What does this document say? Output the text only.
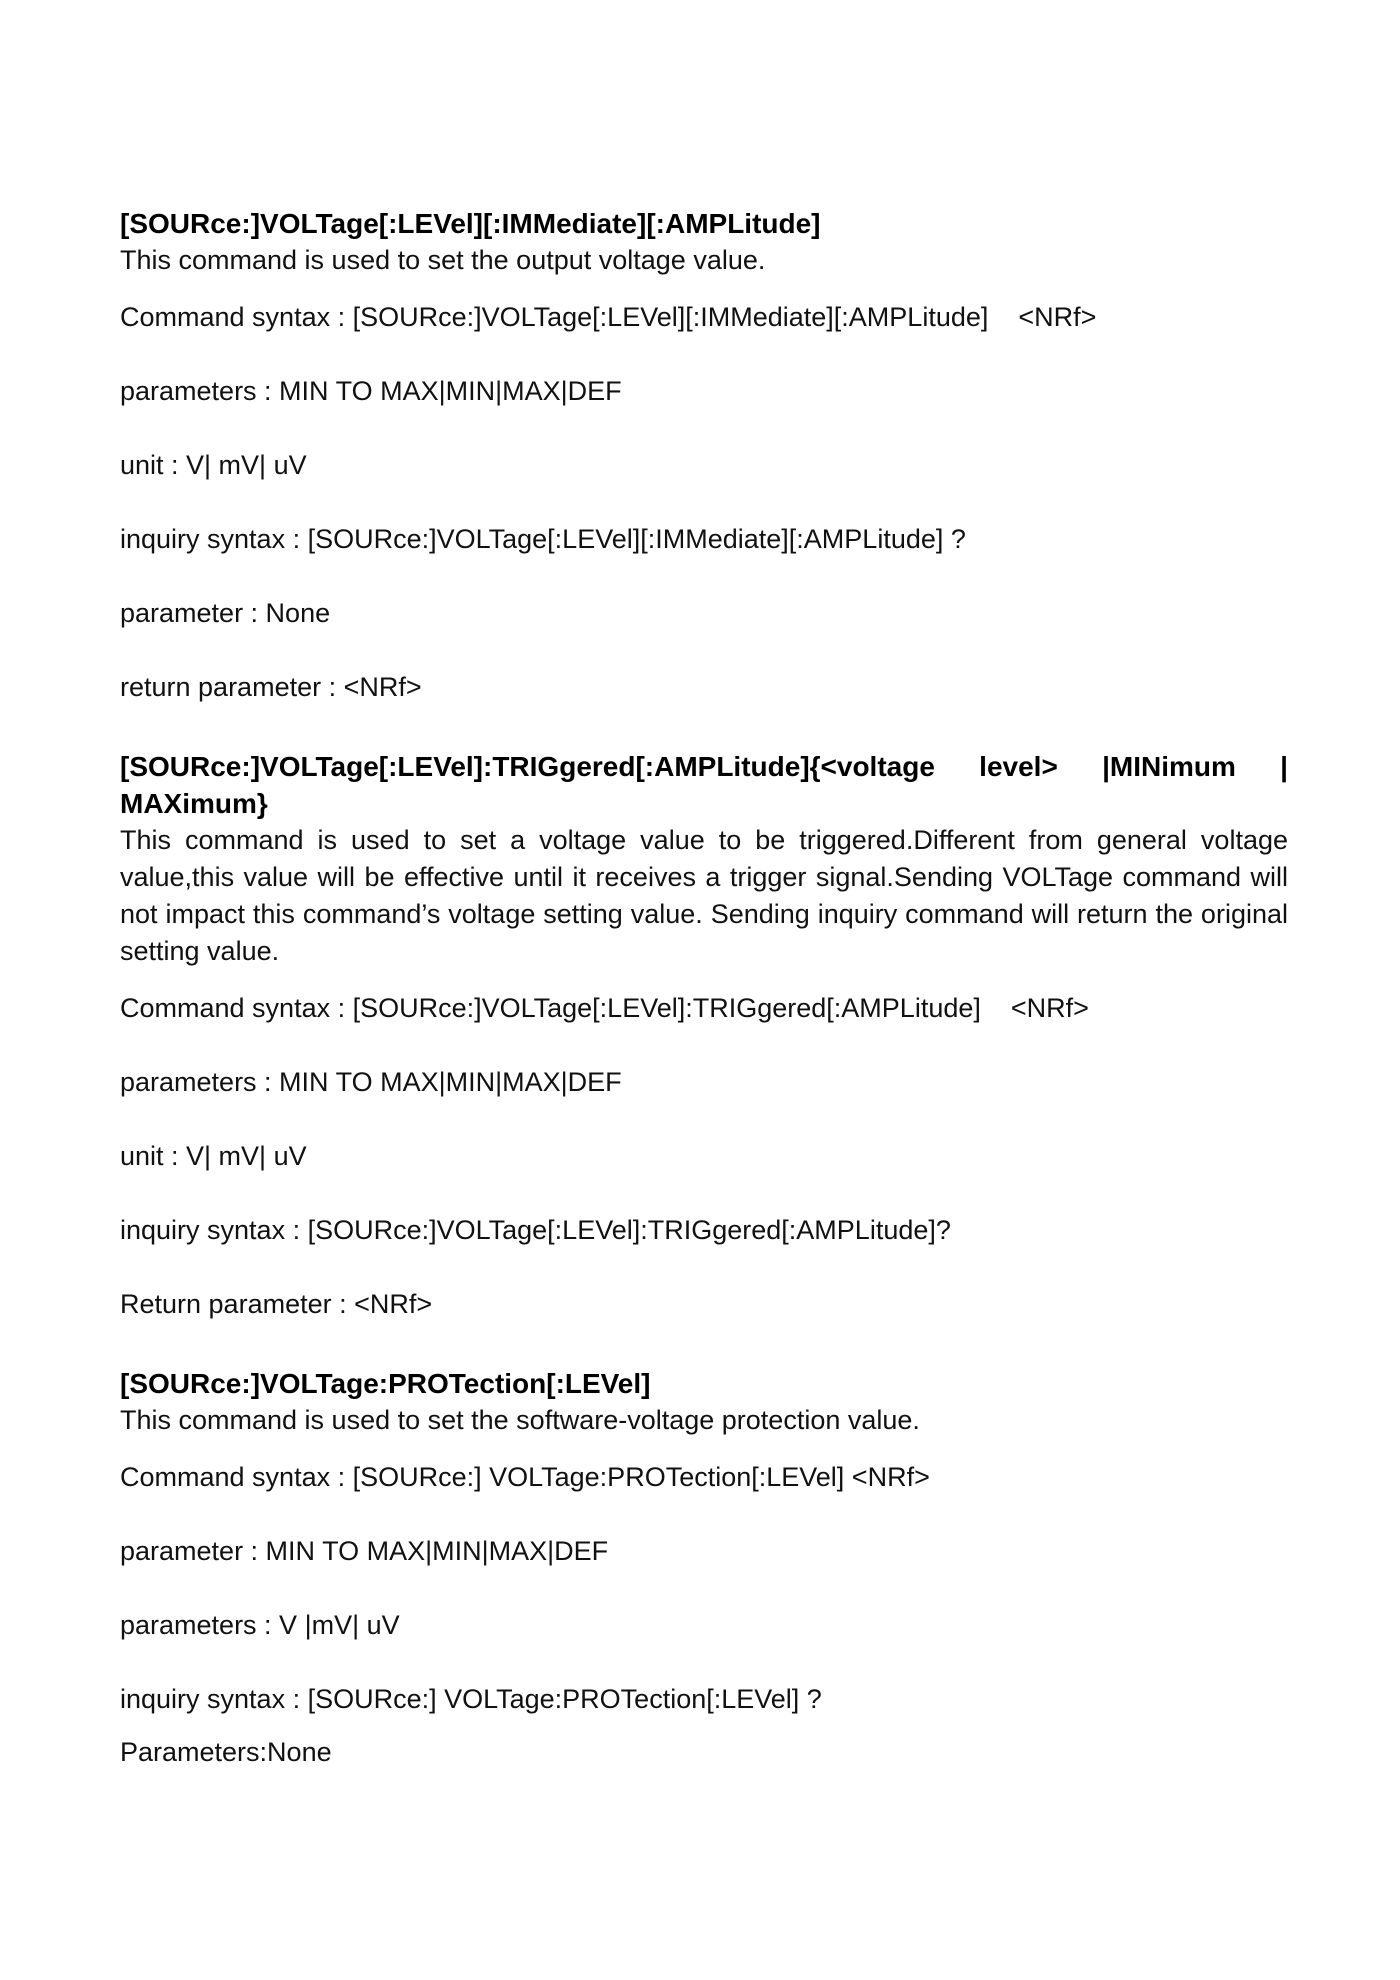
[SOURce:]VOLTage[:LEVel][:IMMediate][:AMPLitude]

This command is used to set the output voltage value.

Command syntax : [SOURce:]VOLTage[:LEVel][:IMMediate][:AMPLitude]    <NRf>

parameters : MIN TO MAX|MIN|MAX|DEF

unit : V| mV| uV

inquiry syntax : [SOURce:]VOLTage[:LEVel][:IMMediate][:AMPLitude] ?

parameter : None

return parameter : <NRf>

[SOURce:]VOLTage[:LEVel]:TRIGgered[:AMPLitude]{<voltage level> |MINimum | MAXimum}

This command is used to set a voltage value to be triggered.Different from general voltage value,this value will be effective until it receives a trigger signal.Sending VOLTage command will not impact this command’s voltage setting value. Sending inquiry command will return the original setting value.

Command syntax : [SOURce:]VOLTage[:LEVel]:TRIGgered[:AMPLitude]    <NRf>

parameters : MIN TO MAX|MIN|MAX|DEF

unit : V| mV| uV

inquiry syntax : [SOURce:]VOLTage[:LEVel]:TRIGgered[:AMPLitude]?

Return parameter : <NRf>

[SOURce:]VOLTage:PROTection[:LEVel]

This command is used to set the software-voltage protection value.

Command syntax : [SOURce:] VOLTage:PROTection[:LEVel] <NRf>

parameter : MIN TO MAX|MIN|MAX|DEF

parameters : V |mV| uV

inquiry syntax : [SOURce:] VOLTage:PROTection[:LEVel] ?

Parameters:None
